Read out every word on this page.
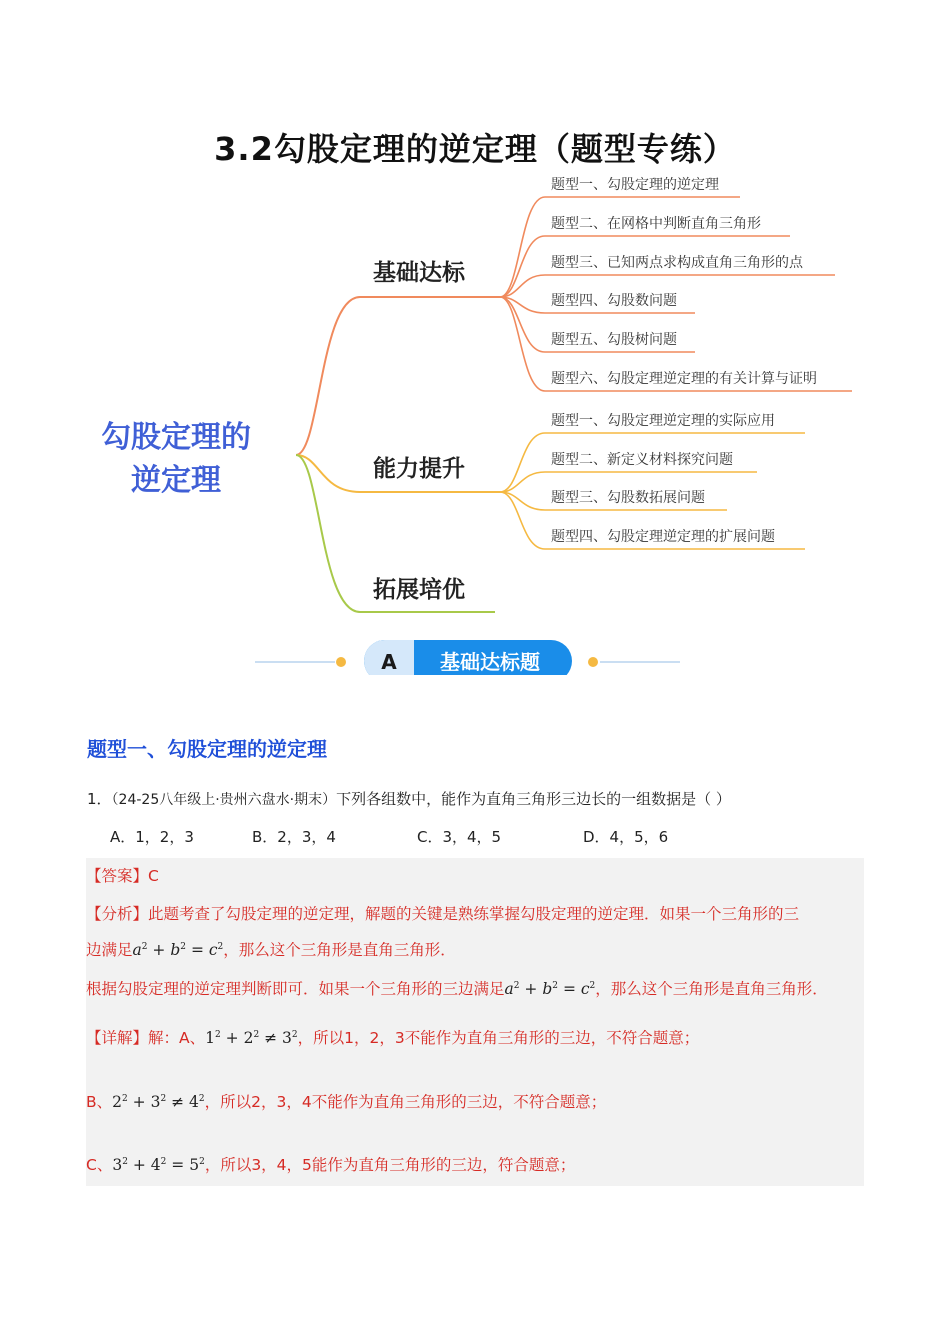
3.2勾股定理的逆定理（题型专练）
勾股定理的
逆定理
基础达标
能力提升
拓展培优
题型一、勾股定理的逆定理
题型二、在网格中判断直角三角形
题型三、已知两点求构成直角三角形的点
题型四、勾股数问题
题型五、勾股树问题
题型六、勾股定理逆定理的有关计算与证明
题型一、勾股定理逆定理的实际应用
题型二、新定义材料探究问题
题型三、勾股数拓展问题
题型四、勾股定理逆定理的扩展问题
A 基础达标题
题型一、勾股定理的逆定理
1．（24-25八年级上·贵州六盘水·期末）下列各组数中，能作为直角三角形三边长的一组数据是（ ）
A．1，2，3	B．2，3，4	C．3，4，5	D．4，5，6
【答案】C
【分析】此题考查了勾股定理的逆定理，解题的关键是熟练掌握勾股定理的逆定理．如果一个三角形的三
边满足$a^2 + b^2 = c^2$，那么这个三角形是直角三角形．
根据勾股定理的逆定理判断即可．如果一个三角形的三边满足$a^2 + b^2 = c^2$，那么这个三角形是直角三角形．
【详解】解：A、$1^2 + 2^2 \ne 3^2$，所以1，2，3不能作为直角三角形的三边，不符合题意；
B、$2^2 + 3^2 \ne 4^2$，所以2，3，4不能作为直角三角形的三边，不符合题意；
C、$3^2 + 4^2 = 5^2$，所以3，4，5能作为直角三角形的三边，符合题意；
